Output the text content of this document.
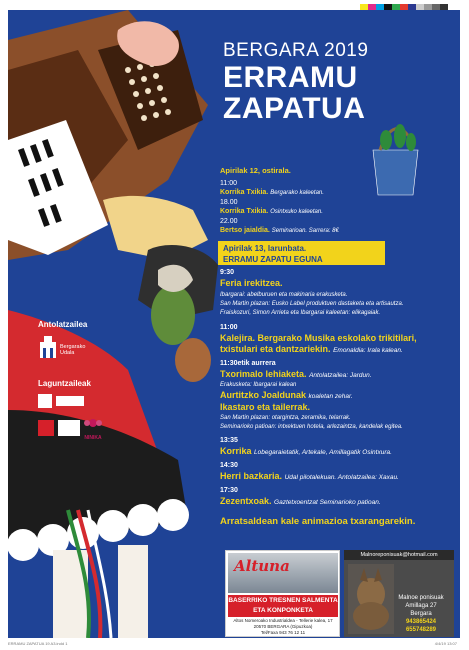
BERGARA 2019
ERRAMU
ZAPATUA
Apirilak 12, ostirala.
11:00
Korrika Txikia. Bergarako kaleetan.
18.00
Korrika Txikia. Osintxuko kaleetan.
22.00
Bertso jaialdia. Seminarioan. Sarrera: 8€
Apirilak 13, larunbata.
ERRAMU ZAPATU EGUNA
9:30
Feria irekitzea.
Ibargarai: abelburuen eta makinaria erakusketa.
San Martin plazan: Eusko Label produktuen dastaketa eta artisautza.
Fraiskozuri, Simon Arrieta eta Ibargarai kaleetan: elikagaiak.
11:00
Kalejira. Bergarako Musika eskolako trikitilari,
txistulari eta dantzariekin. Emonaldia: Irala kalean.
11:30etik aurrera
Txorimalo lehiaketa. Antolatzailea: Jardun.
Erakusketa: Ibargarai kalean
Aurtitzko Joaldunak koaletan zehar.
Ikastaro eta tailerrak.
San Martin plazan: otargintza, zeramika, telarrak.
Seminarioko patioan: intxektuen hotela, arlezaintza, kandelak egitea.
13:35
Korrika Lobegaraietatik, Artekale, Amillagatik Osintxura.
14:30
Herri bazkaria. Udal pilotalekuan. Antolatzailea: Xaxau.
17:30
Zezentxoak. Gaztetxoentzat Seminarioko patioan.
Arratsaldean kale animazioa txarangarekin.
Antolatzailea
Bergarako Udala
Laguntzaileak
NINIKA
Altuna
BASERRIKO TRESNEN SALMENTA
ETA KONPONKETA
Altos Nomeroako Industrialdea - Tellerie kalea, 17
20570 BERGARA (Gipuzkoa)
Tel/Faxa 943 76 12 11
Malnoreponisuak@hotmail.com
Malnoe ponisuak
Amillaga 27
Bergara
943865424
655748289
ERRAMU ZAPATUA 19 A3.indd 1	4/4/19 13:07
